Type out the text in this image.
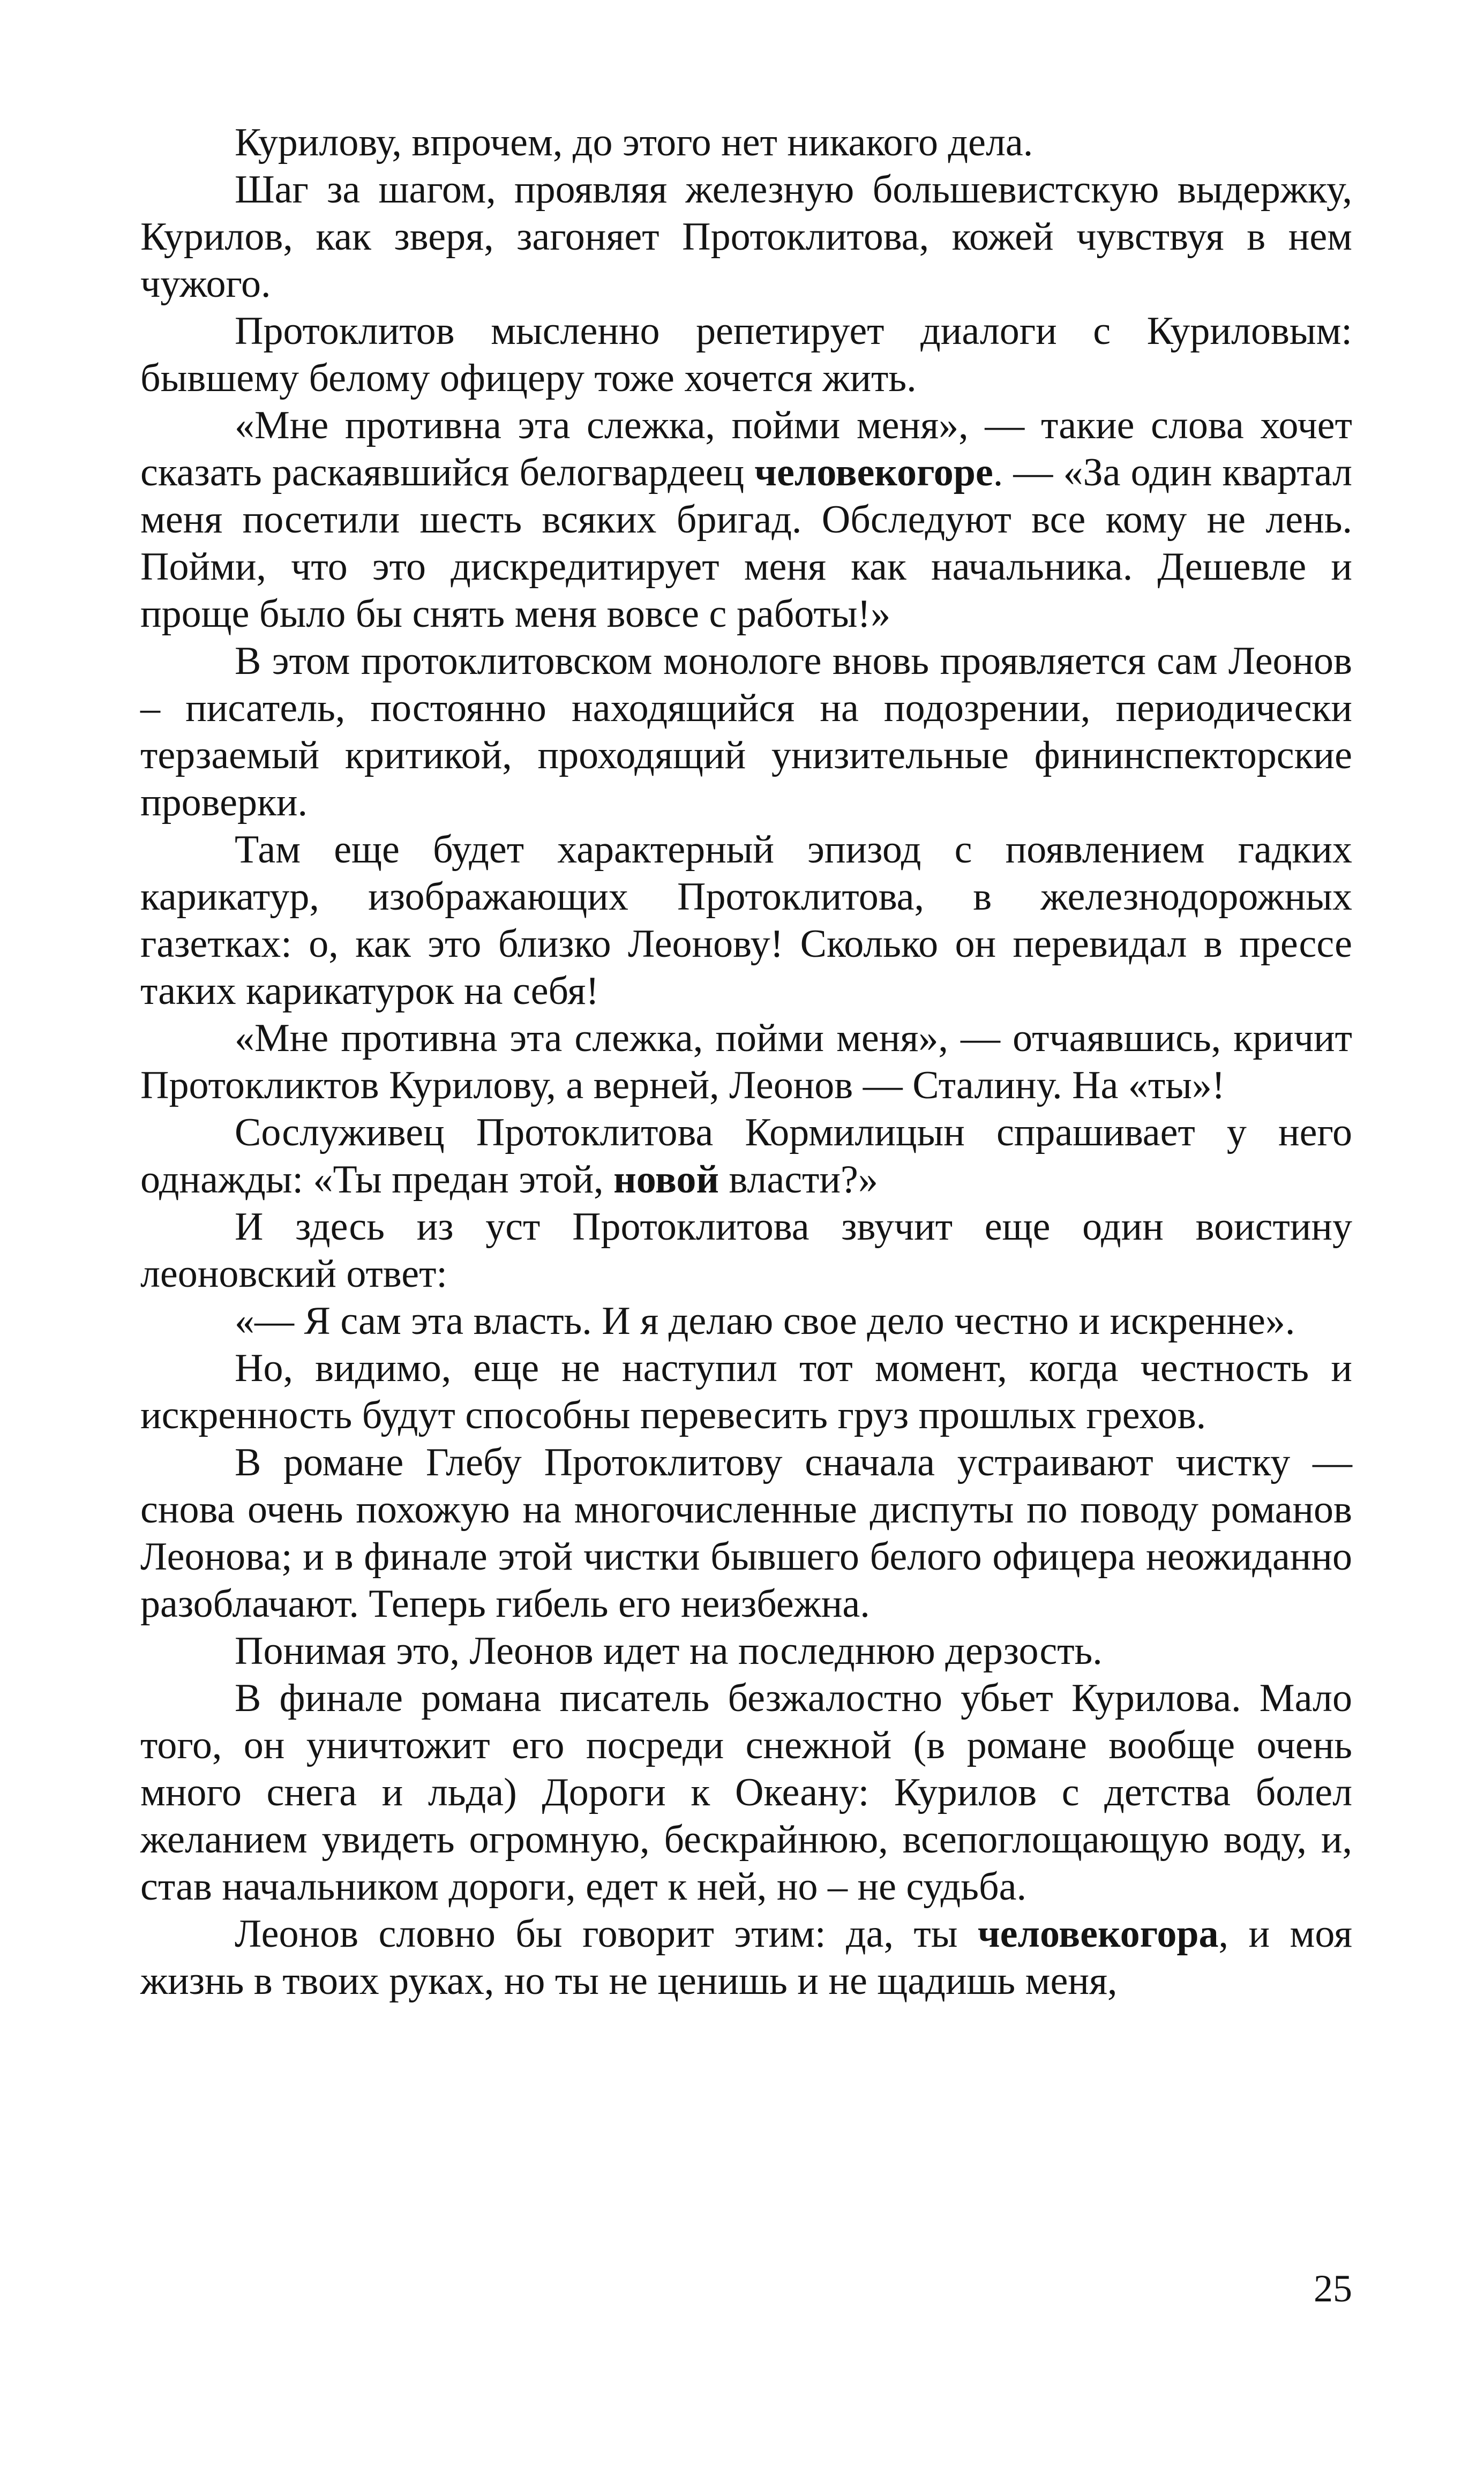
Курилову, впрочем, до этого нет никакого дела.

Шаг за шагом, проявляя железную большевистскую выдержку, Курилов, как зверя, загоняет Протоклитова, кожей чувствуя в нем чужого.

Протоклитов мысленно репетирует диалоги с Куриловым: бывшему белому офицеру тоже хочется жить.

«Мне противна эта слежка, пойми меня», — такие слова хочет сказать раскаявшийся белогвардеец человекогоре. — «За один квартал меня посетили шесть всяких бригад. Обследуют все кому не лень. Пойми, что это дискредитирует меня как начальника. Дешевле и проще было бы снять меня вовсе с работы!»

В этом протоклитовском монологе вновь проявляется сам Леонов – писатель, постоянно находящийся на подозрении, периодически терзаемый критикой, проходящий унизительные фининспекторские проверки.

Там еще будет характерный эпизод с появлением гадких карикатур, изображающих Протоклитова, в железнодорожных газетках: о, как это близко Леонову! Сколько он перевидал в прессе таких карикатурок на себя!

«Мне противна эта слежка, пойми меня», — отчаявшись, кричит Протокликтов Курилову, а верней, Леонов — Сталину. На «ты»!

Сослуживец Протоклитова Кормилицын спрашивает у него однажды: «Ты предан этой, новой власти?»

И здесь из уст Протоклитова звучит еще один воистину леоновский ответ:

«— Я сам эта власть. И я делаю свое дело честно и искренне».

Но, видимо, еще не наступил тот момент, когда честность и искренность будут способны перевесить груз прошлых грехов.

В романе Глебу Протоклитову сначала устраивают чистку — снова очень похожую на многочисленные диспуты по поводу романов Леонова; и в финале этой чистки бывшего белого офицера неожиданно разоблачают. Теперь гибель его неизбежна.

Понимая это, Леонов идет на последнюю дерзость.

В финале романа писатель безжалостно убьет Курилова. Мало того, он уничтожит его посреди снежной (в романе вообще очень много снега и льда) Дороги к Океану: Курилов с детства болел желанием увидеть огромную, бескрайнюю, всепоглощающую воду, и, став начальником дороги, едет к ней, но – не судьба.

Леонов словно бы говорит этим: да, ты человекогора, и моя жизнь в твоих руках, но ты не ценишь и не щадишь меня,

25
